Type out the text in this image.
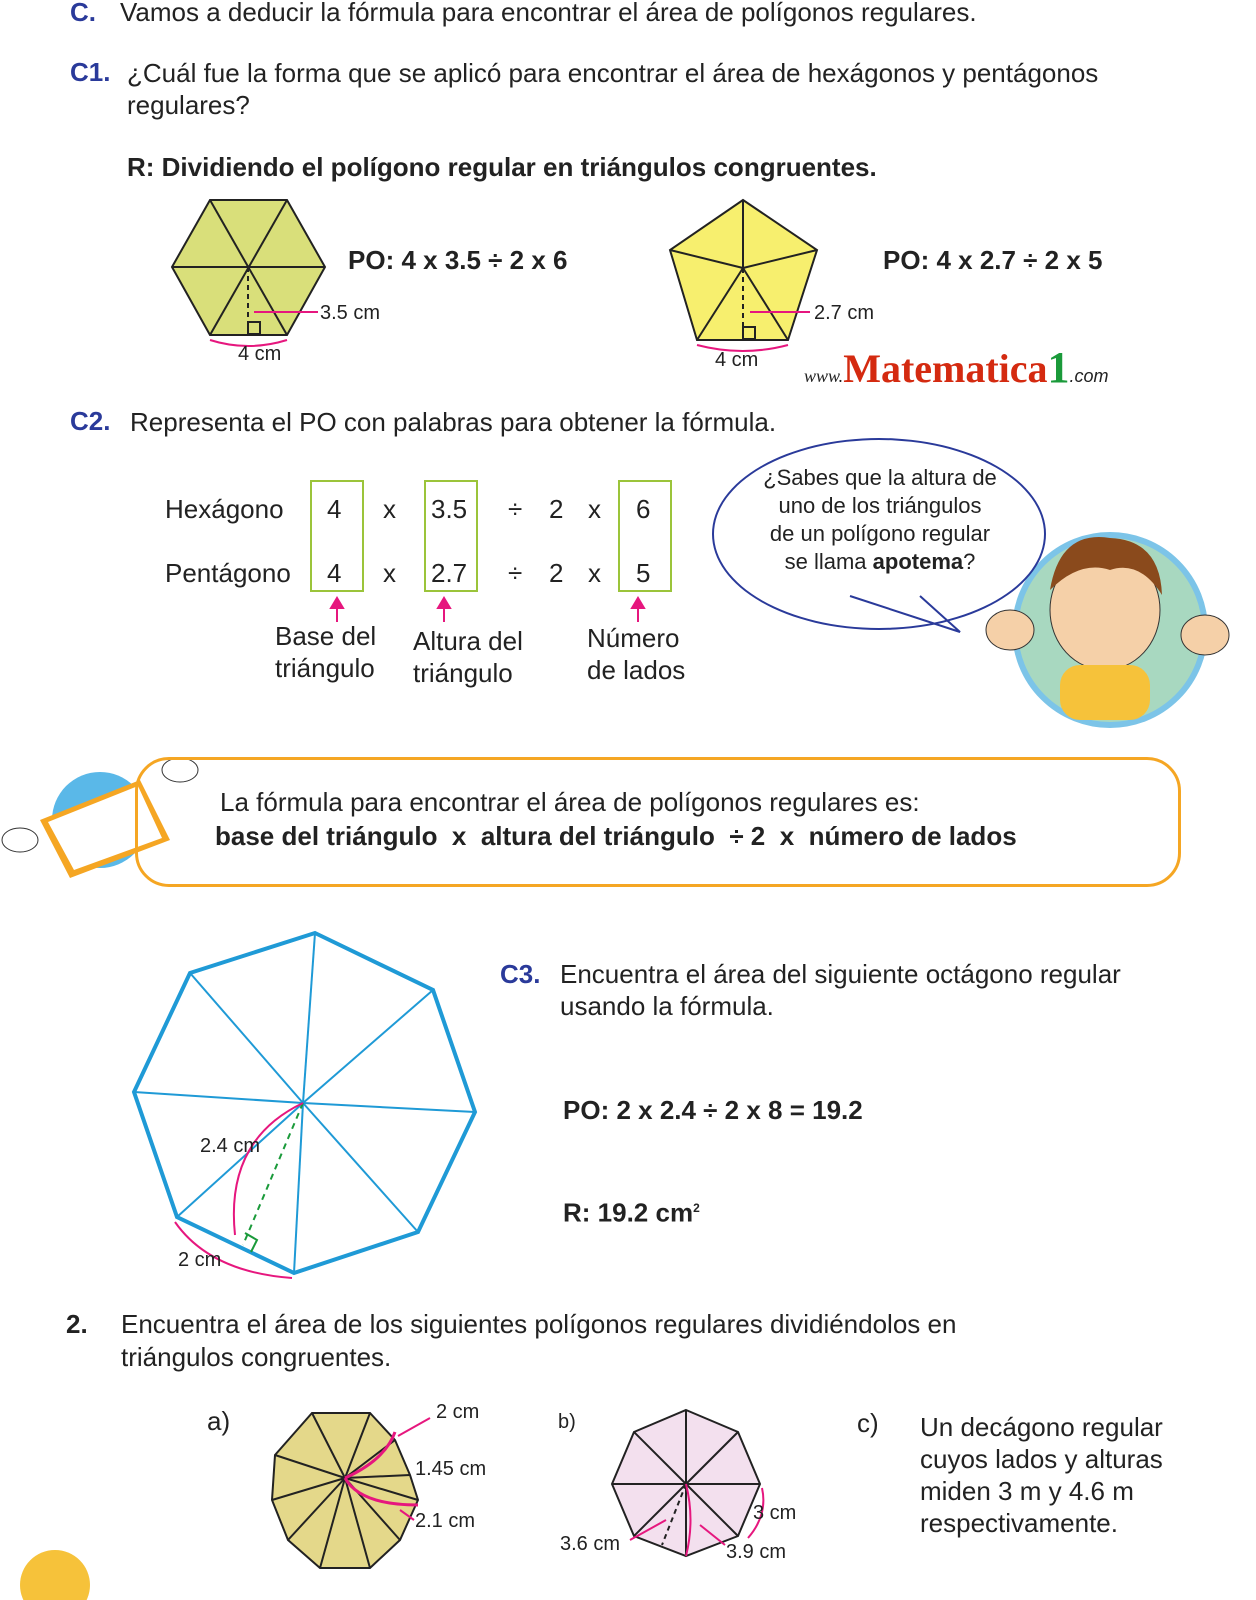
C. Vamos a deducir la fórmula para encontrar el área de polígonos regulares.
C1. ¿Cuál fue la forma que se aplicó para encontrar el área de hexágonos y pentágonos
regulares?
R: Dividiendo el polígono regular en triángulos congruentes.
PO: 4 x 3.5 ÷ 2 x 6
3.5 cm
4 cm
PO: 4 x 2.7 ÷ 2 x 5
2.7 cm
4 cm
www.Matematica1.com
C2. Representa el PO con palabras para obtener la fórmula.
Hexágono 4 x 3.5 ÷ 2 x 6
Pentágono 4 x 2.7 ÷ 2 x 5
Base del
triángulo
Altura del
triángulo
Número
de lados
¿Sabes que la altura de
uno de los triángulos
de un polígono regular
se llama apotema?
La fórmula para encontrar el área de polígonos regulares es:
base del triángulo  x  altura del triángulo  ÷ 2  x  número de lados
C3. Encuentra el área del siguiente octágono regular
usando la fórmula.
PO: 2 x 2.4 ÷ 2 x 8 = 19.2
R: 19.2 $cm^2$
2.4 cm
2 cm
2. Encuentra el área de los siguientes polígonos regulares dividiéndolos en
triángulos congruentes.
a)	2 cm
1.45 cm
2.1 cm
b)
3 cm
3.6 cm	3.9 cm
c) Un decágono regular
cuyos lados y alturas
miden 3 m y 4.6 m
respectivamente.
